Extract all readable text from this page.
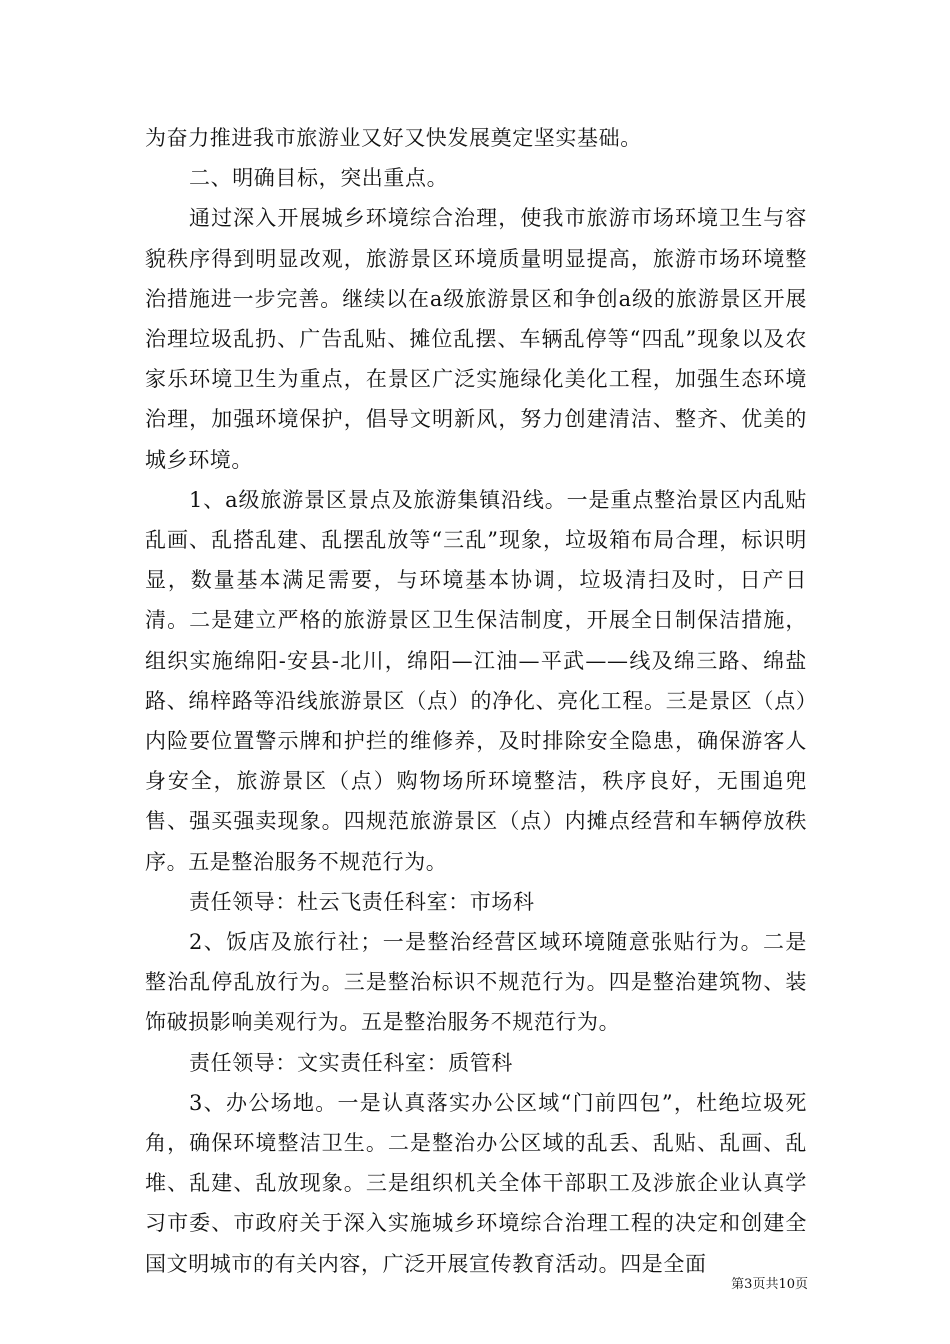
为奋力推进我市旅游业又好又快发展奠定坚实基础。

二、明确目标，突出重点。

通过深入开展城乡环境综合治理，使我市旅游市场环境卫生与容貌秩序得到明显改观，旅游景区环境质量明显提高，旅游市场环境整治措施进一步完善。继续以在a级旅游景区和争创a级的旅游景区开展治理垃圾乱扔、广告乱贴、摊位乱摆、车辆乱停等“四乱”现象以及农家乐环境卫生为重点，在景区广泛实施绿化美化工程，加强生态环境治理，加强环境保护，倡导文明新风，努力创建清洁、整齐、优美的城乡环境。

1、a级旅游景区景点及旅游集镇沿线。一是重点整治景区内乱贴乱画、乱搭乱建、乱摆乱放等“三乱”现象，垃圾箱布局合理，标识明显，数量基本满足需要，与环境基本协调，垃圾清扫及时，日产日清。二是建立严格的旅游景区卫生保洁制度，开展全日制保洁措施，组织实施绵阳-安县-北川，绵阳—江油—平武——线及绵三路、绵盐路、绵梓路等沿线旅游景区（点）的净化、亮化工程。三是景区（点）内险要位置警示牌和护拦的维修养，及时排除安全隐患，确保游客人身安全，旅游景区（点）购物场所环境整洁，秩序良好，无围追兜售、强买强卖现象。四规范旅游景区（点）内摊点经营和车辆停放秩序。五是整治服务不规范行为。

责任领导：杜云飞责任科室：市场科

2、饭店及旅行社；一是整治经营区域环境随意张贴行为。二是整治乱停乱放行为。三是整治标识不规范行为。四是整治建筑物、装饰破损影响美观行为。五是整治服务不规范行为。

责任领导：文实责任科室：质管科

3、办公场地。一是认真落实办公区域“门前四包”，杜绝垃圾死角，确保环境整洁卫生。二是整治办公区域的乱丢、乱贴、乱画、乱堆、乱建、乱放现象。三是组织机关全体干部职工及涉旅企业认真学习市委、市政府关于深入实施城乡环境综合治理工程的决定和创建全国文明城市的有关内容，广泛开展宣传教育活动。四是全面

第3页共10页
